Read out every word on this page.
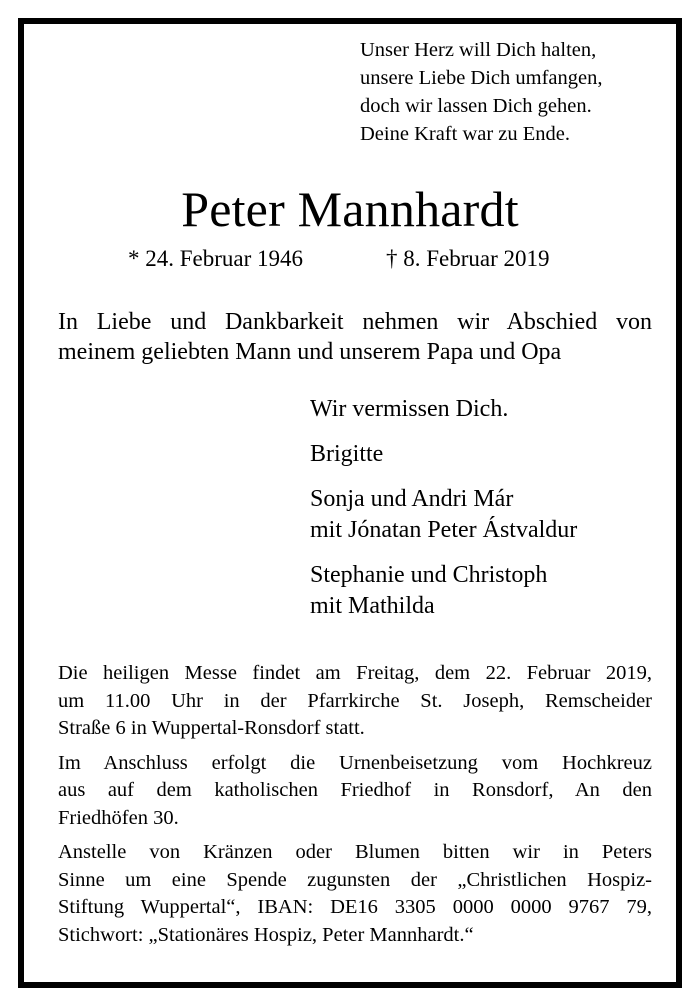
Unser Herz will Dich halten,
unsere Liebe Dich umfangen,
doch wir lassen Dich gehen.
Deine Kraft war zu Ende.
Peter Mannhardt
* 24. Februar 1946	† 8. Februar 2019
In Liebe und Dankbarkeit nehmen wir Abschied von
meinem geliebten Mann und unserem Papa und Opa
Wir vermissen Dich.
Brigitte
Sonja und Andri Már
mit Jónatan Peter Ástvaldur
Stephanie und Christoph
mit Mathilda
Die heiligen Messe findet am Freitag, dem 22. Februar 2019,
um 11.00 Uhr in der Pfarrkirche St. Joseph, Remscheider
Straße 6 in Wuppertal-Ronsdorf statt.
Im Anschluss erfolgt die Urnenbeisetzung vom Hochkreuz
aus auf dem katholischen Friedhof in Ronsdorf, An den
Friedhöfen 30.
Anstelle von Kränzen oder Blumen bitten wir in Peters
Sinne um eine Spende zugunsten der „Christlichen Hospiz-
Stiftung Wuppertal“, IBAN: DE16 3305 0000 0000 9767 79,
Stichwort: „Stationäres Hospiz, Peter Mannhardt.“
